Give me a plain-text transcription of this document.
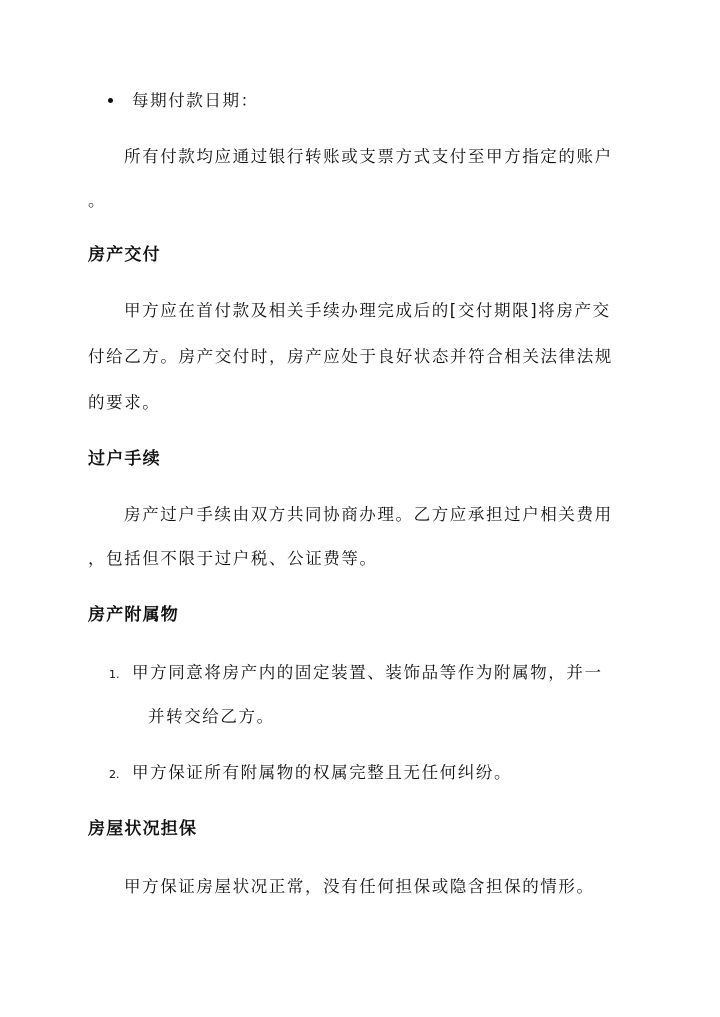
每期付款日期：
所有付款均应通过银行转账或支票方式支付至甲方指定的账户
。
房产交付
甲方应在首付款及相关手续办理完成后的[交付期限]将房产交
付给乙方。房产交付时，房产应处于良好状态并符合相关法律法规
的要求。
过户手续
房产过户手续由双方共同协商办理。乙方应承担过户相关费用
，包括但不限于过户税、公证费等。
房产附属物
1. 甲方同意将房产内的固定装置、装饰品等作为附属物，并一
并转交给乙方。
2. 甲方保证所有附属物的权属完整且无任何纠纷。
房屋状况担保
甲方保证房屋状况正常，没有任何担保或隐含担保的情形。
